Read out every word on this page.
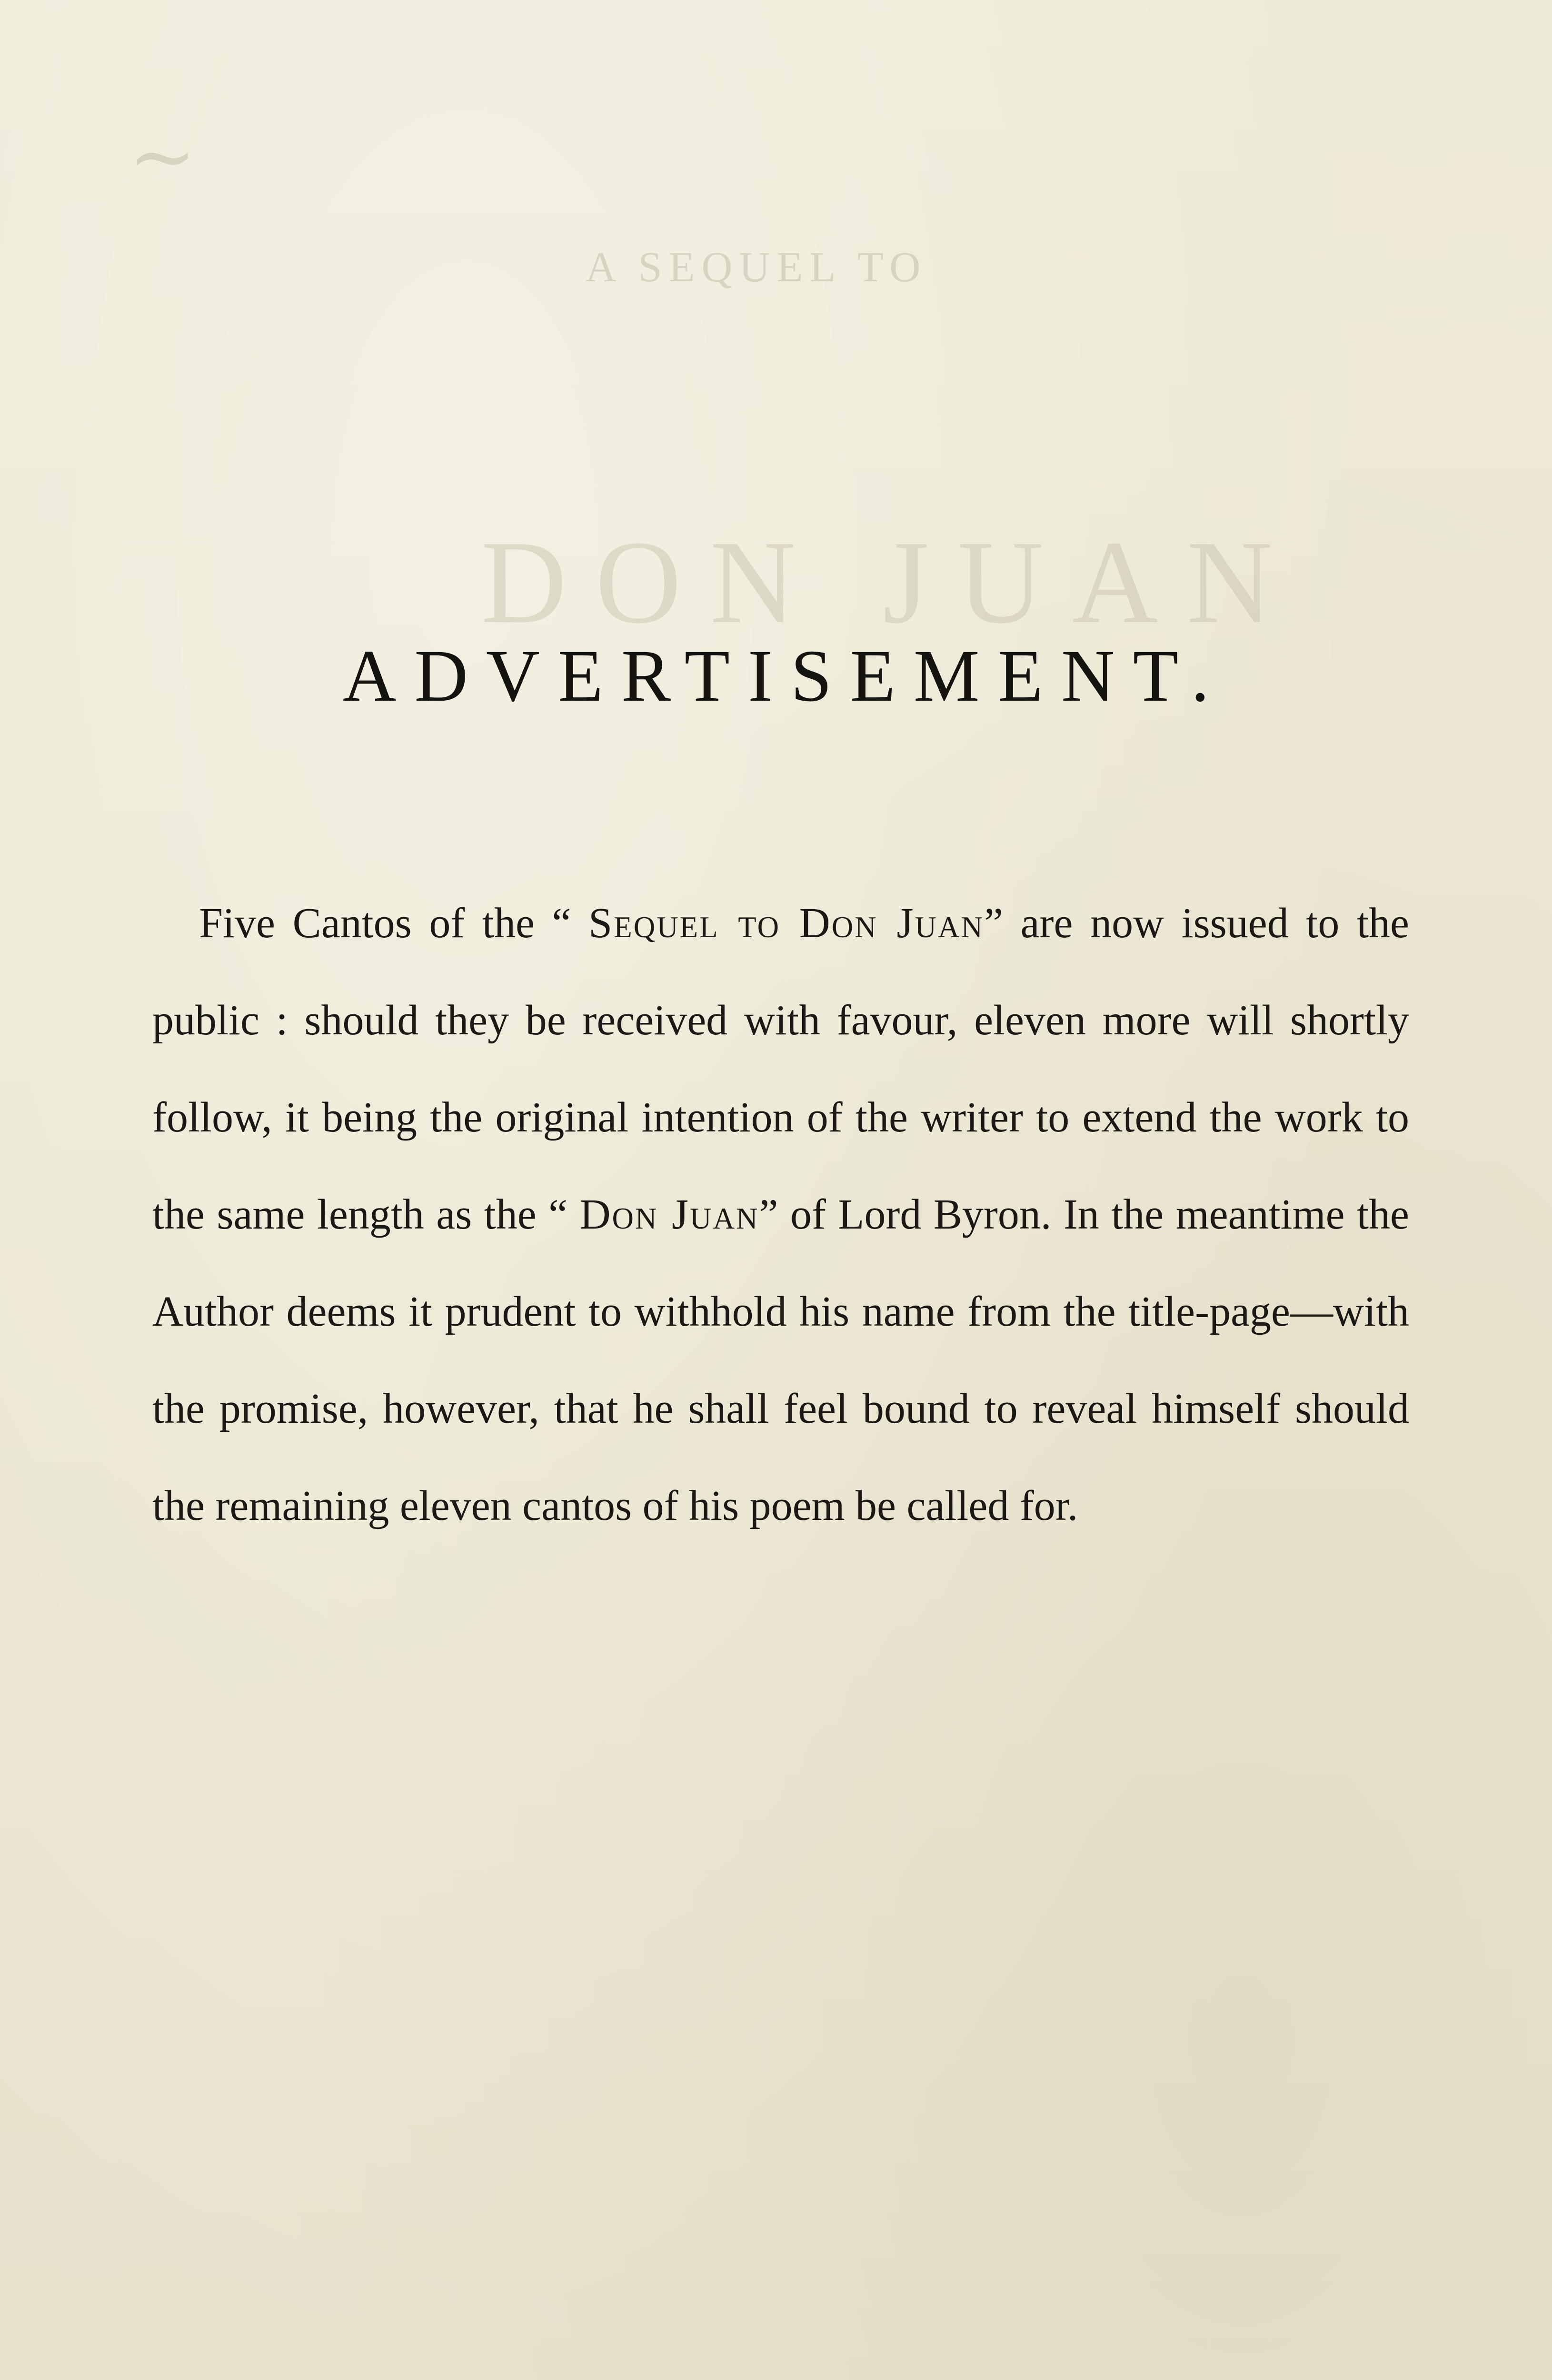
~
A SEQUEL TO
DON JUAN
ADVERTISEMENT.

Five Cantos of the “ Sequel to Don Juan” are now issued to the public : should they be received with favour, eleven more will shortly follow, it being the original intention of the writer to extend the work to the same length as the “ Don Juan” of Lord Byron. In the meantime the Author deems it prudent to withhold his name from the title-page—with the promise, however, that he shall feel bound to reveal himself should the remaining eleven cantos of his poem be called for.
